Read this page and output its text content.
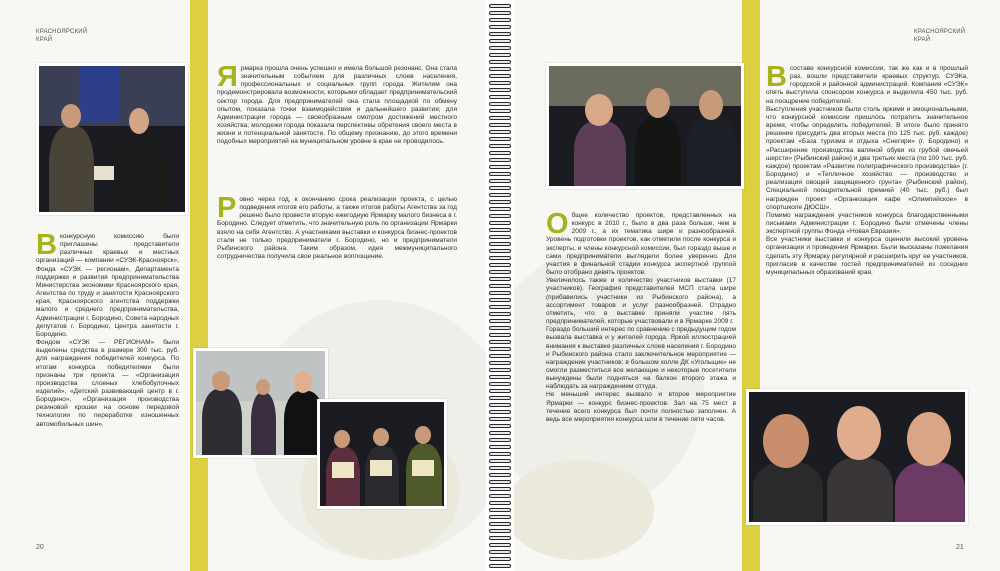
КРАСНОЯРСКИЙ
КРАЙ
В конкурсную комиссию были приглашены представители различных краевых и местных организаций — компании «СУЭК-Красноярск», Фонда «СУЭК — регионам», Департамента поддержки и развития предпринимательства Министерства экономики Красноярского края, Агентства по труду и занятости Красноярского края, Красноярского агентства поддержки малого и среднего предпринимательства, Администрации г. Бородино, Совета народных депутатов г. Бородино, Центра занятости г. Бородино.
Фондом «СУЭК — РЕГИОНАМ» были выделены средства в размере 300 тыс. руб. для награждения победителей конкурса. По итогам конкурса победителями были признаны три проекта — «Организация производства слоеных хлебобулочных изделий», «Детский развивающий центр в г. Бородино», «Организация производства резиновой крошки на основе передовой технологии по переработке изношенных автомобильных шин».
Я рмарка прошла очень успешно и имела большой резонанс. Она стала значительным событием для различных слоев населения, профессиональных и социальных групп города. Жителям она продемонстрировала возможности, которыми обладает предпринимательский сектор города. Для предпринимателей она стала площадкой по обмену опытом, показала точки взаимодействия и дальнейшего развития; для Администрации города — своеобразным смотром достижений местного хозяйства; молодежи города показала перспективы обретения своего места в жизни и потенциальной занятости. По общему признанию, до этого времени подобных мероприятий на муниципальном уровне в крае не проводилось.
Р овно через год, к окончанию срока реализации проекта, с целью подведения итогов его работы, а также итогов работы Агентства за год решено было провести вторую ежегодную Ярмарку малого бизнеса в г. Бородино. Следует отметить, что значительную роль по организации Ярмарки взяло на себя Агентство. А участниками выставки и конкурса бизнес-проектов стали не только предприниматели г. Бородино, но и предприниматели Рыбинского района. Таким образом, идея межмуниципального сотрудничества получила свое реальное воплощение.
20
КРАСНОЯРСКИЙ
КРАЙ
О бщее количество проектов, представленных на конкурс в 2010 г., было в два раза больше, чем в 2009 г., а их тематика шире и разнообразней. Уровень подготовки проектов, как отметили после конкурса и эксперты, и члены конкурсной комиссии, был гораздо выше и сами предприниматели выглядели более уверенно. Для участия в финальной стадии конкурса экспертной группой было отобрано девять проектов.
Увеличилось также и количество участников выставки (17 участников). География представителей МСП стала шире (прибавились участники из Рыбинского района), а ассортимент товаров и услуг разнообразней. Отрадно отметить, что в выставке приняли участие пять предпринимателей, которые участвовали и в Ярмарке 2009 г.
Гораздо больший интерес по сравнению с предыдущим годом вызвала выставка и у жителей города. Яркой иллюстрацией внимания к выставке различных слоев населения г. Бородино и Рыбинского района стало заключительное мероприятие — награждение участников: в большом холле ДК «Угольщик» не смогли разместиться все желающие и некоторые посетители вынуждены были подняться на балкон второго этажа и наблюдать за награждением оттуда.
Не меньший интерес вызвало и второе мероприятие Ярмарки — конкурс бизнес-проектов. Зал на 75 мест в течение всего конкурса был почти полностью заполнен. А ведь все мероприятия конкурса шли в течение пяти часов.
В составе конкурсной комиссии, так же как и в прошлый раз, вошли представители краевых структур, СУЭКа, городской и районной администраций. Компания «СУЭК» опять выступила спонсором конкурса и выделила 450 тыс. руб. на поощрение победителей.
Выступления участников были столь яркими и эмоциональными, что конкурсной комиссии пришлось потратить значительное время, чтобы определить победителей. В итоге было принято решение присудить два вторых места (по 125 тыс. руб. каждое) проектам «База туризма и отдыха «Снегири» (г. Бородино) и «Расширение производства валяной обуви из грубой овечьей шерсти» (Рыбинский район) и два третьих места (по 100 тыс. руб. каждое) проектам «Развитие полиграфического производства» (г. Бородино) и «Тепличное хозяйство — производство и реализация овощей защищенного грунта» (Рыбинский район). Специальной поощрительной премией (40 тыс. руб.) был награжден проект «Организация кафе «Олимпийское» в спортшколе ДЮСШ».
Помимо награждения участников конкурса благодарственными письмами Администрации г. Бородино были отмечены члены экспертной группы Фонда «Новая Евразия».
Все участники выставки и конкурса оценили высокий уровень организации и проведения Ярмарки. Были высказаны пожелания сделать эту Ярмарку регулярной и расширить круг ее участников, пригласив в качестве гостей предпринимателей из соседних муниципальных образований края.
21
